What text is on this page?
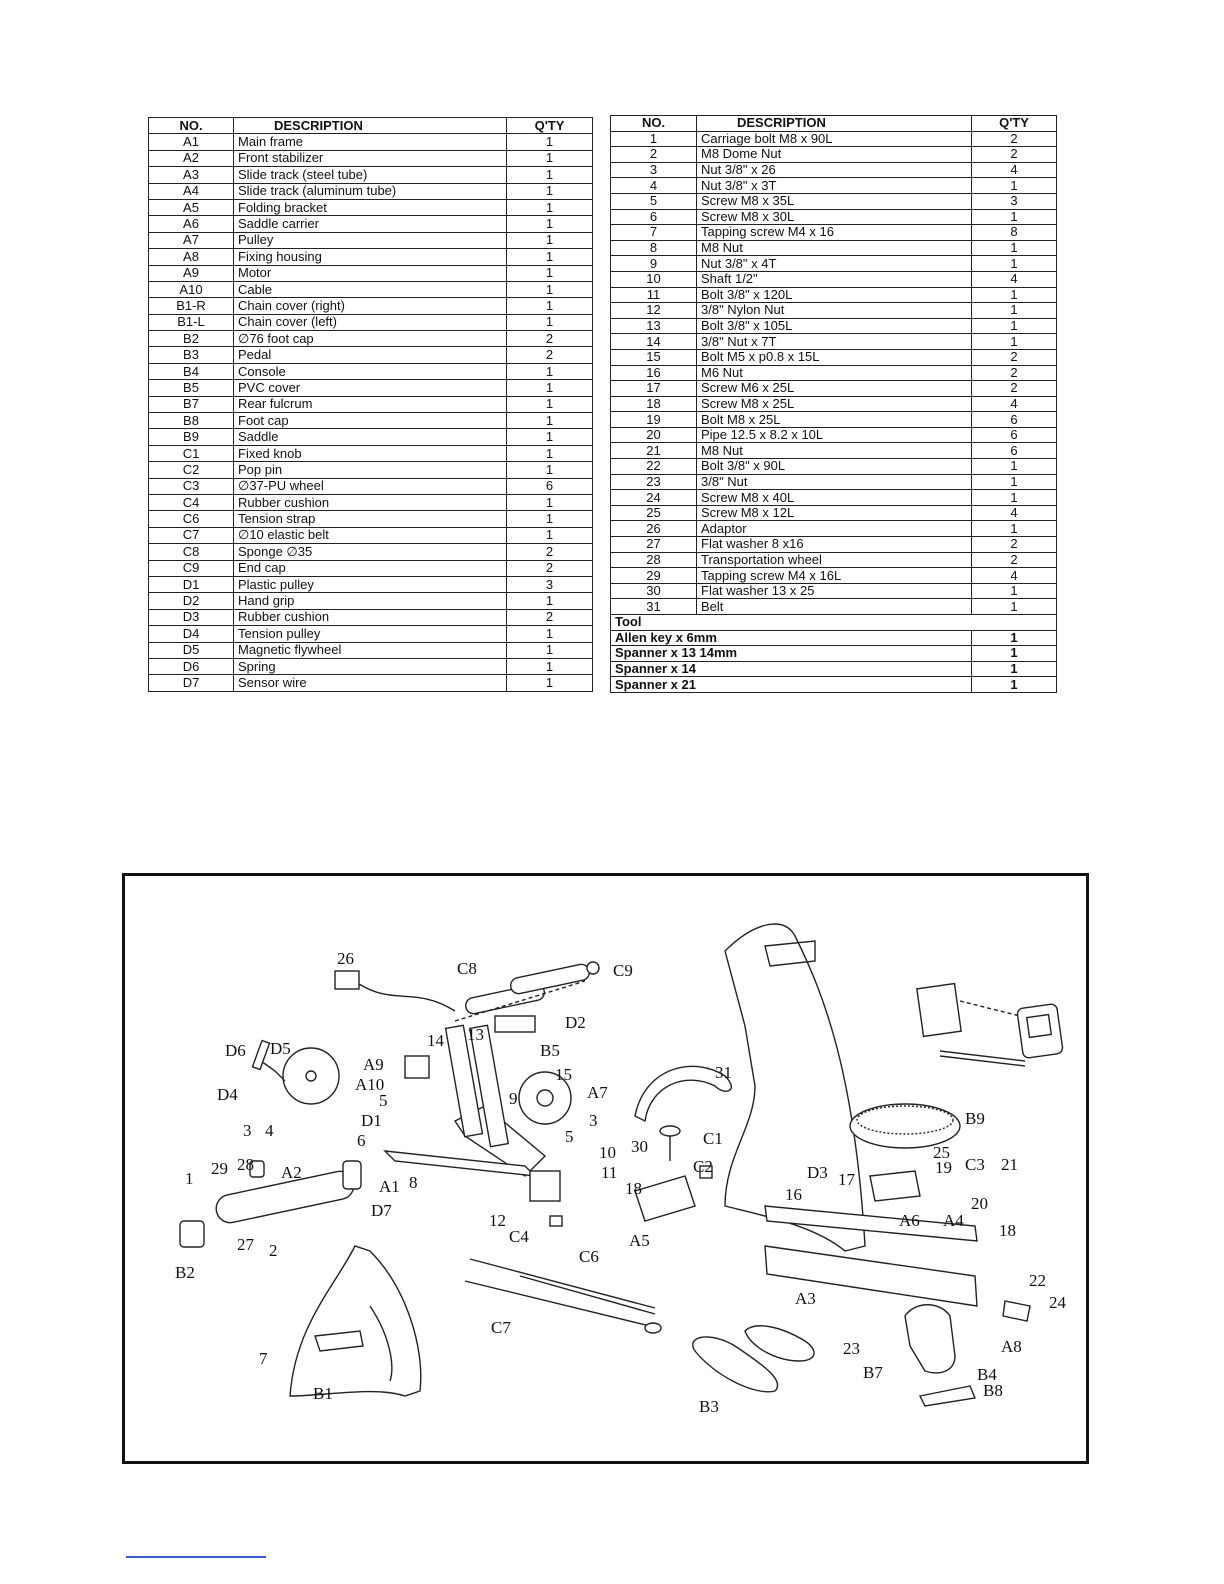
NO.	DESCRIPTION	Q'TY
A1	Main frame	1
A2	Front stabilizer	1
A3	Slide track (steel tube)	1
A4	Slide track (aluminum tube)	1
A5	Folding bracket	1
A6	Saddle carrier	1
A7	Pulley	1
A8	Fixing housing	1
A9	Motor	1
A10	Cable	1
B1-R	Chain cover (right)	1
B1-L	Chain cover (left)	1
B2	∅76 foot cap	2
B3	Pedal	2
B4	Console	1
B5	PVC cover	1
B7	Rear fulcrum	1
B8	Foot cap	1
B9	Saddle	1
C1	Fixed knob	1
C2	Pop pin	1
C3	∅37-PU wheel	6
C4	Rubber cushion	1
C6	Tension strap	1
C7	∅10 elastic belt	1
C8	Sponge ∅35	2
C9	End cap	2
D1	Plastic pulley	3
D2	Hand grip	1
D3	Rubber cushion	2
D4	Tension pulley	1
D5	Magnetic flywheel	1
D6	Spring	1
D7	Sensor wire	1
NO.	DESCRIPTION	Q'TY
1	Carriage bolt M8 x 90L	2
2	M8 Dome Nut	2
3	Nut 3/8" x 26	4
4	Nut 3/8" x 3T	1
5	Screw M8 x 35L	3
6	Screw M8 x 30L	1
7	Tapping screw M4 x 16	8
8	M8 Nut	1
9	Nut 3/8" x 4T	1
10	Shaft 1/2"	4
11	Bolt 3/8" x 120L	1
12	3/8" Nylon Nut	1
13	Bolt 3/8" x 105L	1
14	3/8" Nut x 7T	1
15	Bolt M5 x p0.8 x 15L	2
16	M6 Nut	2
17	Screw M6 x 25L	2
18	Screw M8 x 25L	4
19	Bolt M8 x 25L	6
20	Pipe 12.5 x 8.2 x 10L	6
21	M8 Nut	6
22	Bolt 3/8" x 90L	1
23	3/8" Nut	1
24	Screw M8 x 40L	1
25	Screw M8 x 12L	4
26	Adaptor	1
27	Flat washer 8 x16	2
28	Transportation wheel	2
29	Tapping screw M4 x 16L	4
30	Flat washer 13 x 25	1
31	Belt	1
Tool		
Allen key x 6mm		1
Spanner x 13 14mm		1
Spanner x 14		1
Spanner x 21		1
26
C8	C9
D2
D6 D5	14 13
B5
15
A9
A10
D4	5
3 4
D1
6
9	A7
3
5
10
11
31
C1
30
C2
18
A5
A1 8
D7
12
C4
1
29 28 A2
27 2
B2
C6
C7
7
B1
B4
B9
25
D3 17
16
19 C3 21
20
A6 A4
18
A3
22
24
A8
23
B7
B8
B3
